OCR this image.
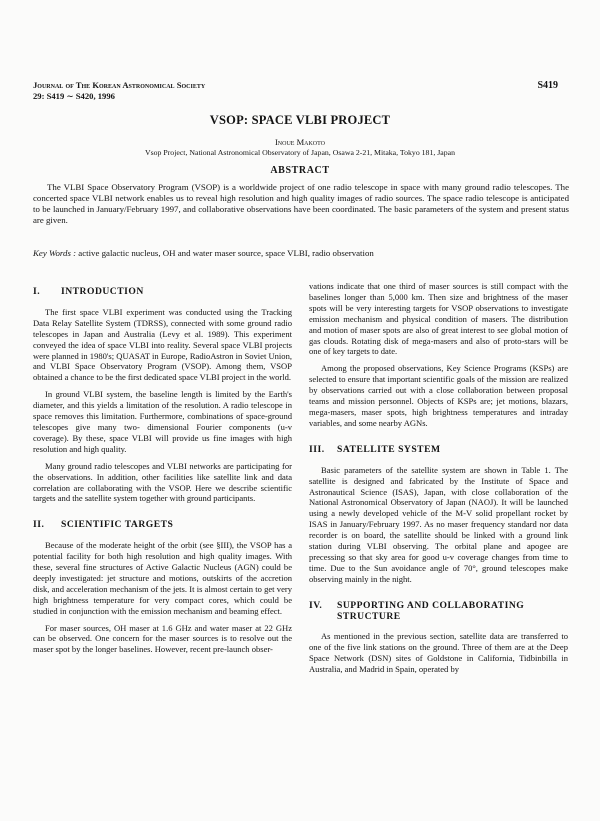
Journal of The Korean Astronomical Society
29: S419 ∼ S420, 1996
S419
VSOP: SPACE VLBI PROJECT
Inoue Makoto
Vsop Project, National Astronomical Observatory of Japan, Osawa 2-21, Mitaka, Tokyo 181, Japan
ABSTRACT

The VLBI Space Observatory Program (VSOP) is a worldwide project of one radio telescope in space with many ground radio telescopes. The concerted space VLBI network enables us to reveal high resolution and high quality images of radio sources. The space radio telescope is anticipated to be launched in January/February 1997, and collaborative observations have been coordinated. The basic parameters of the system and present status are given.

Key Words : active galactic nucleus, OH and water maser source, space VLBI, radio observation

I. INTRODUCTION

The first space VLBI experiment was conducted using the Tracking Data Relay Satellite System (TDRSS), connected with some ground radio telescopes in Japan and Australia (Levy et al. 1989). This experiment conveyed the idea of space VLBI into reality. Several space VLBI projects were planned in 1980's; QUASAT in Europe, RadioAstron in Soviet Union, and VLBI Space Observatory Program (VSOP). Among them, VSOP obtained a chance to be the first dedicated space VLBI project in the world.

In ground VLBI system, the baseline length is limited by the Earth's diameter, and this yields a limitation of the resolution. A radio telescope in space removes this limitation. Furthermore, combinations of space-ground telescopes give many two- dimensional Fourier components (u-v coverage). By these, space VLBI will provide us fine images with high resolution and high quality.

Many ground radio telescopes and VLBI networks are participating for the observations. In addition, other facilities like satellite link and data correlation are collaborating with the VSOP. Here we describe scientific targets and the satellite system together with ground participants.

II. SCIENTIFIC TARGETS

Because of the moderate height of the orbit (see §III), the VSOP has a potential facility for both high resolution and high quality images. With these, several fine structures of Active Galactic Nucleus (AGN) could be deeply investigated: jet structure and motions, outskirts of the accretion disk, and acceleration mechanism of the jets. It is almost certain to get very high brightness temperature for very compact cores, which could be studied in conjunction with the emission mechanism and beaming effect.

For maser sources, OH maser at 1.6 GHz and water maser at 22 GHz can be observed. One concern for the maser sources is to resolve out the maser spot by the longer baselines. However, recent pre-launch obser-

vations indicate that one third of maser sources is still compact with the baselines longer than 5,000 km. Then size and brightness of the maser spots will be very interesting targets for VSOP observations to investigate emission mechanism and physical condition of masers. The distribution and motion of maser spots are also of great interest to see global motion of gas clouds. Rotating disk of mega-masers and also of proto-stars will be one of key targets to date.

Among the proposed observations, Key Science Programs (KSPs) are selected to ensure that important scientific goals of the mission are realized by observations carried out with a close collaboration between proposal teams and mission personnel. Objects of KSPs are; jet motions, blazars, mega-masers, maser spots, high brightness temperatures and intraday variables, and some nearby AGNs.

III. SATELLITE SYSTEM

Basic parameters of the satellite system are shown in Table 1. The satellite is designed and fabricated by the Institute of Space and Astronautical Science (ISAS), Japan, with close collaboration of the National Astronomical Observatory of Japan (NAOJ). It will be launched using a newly developed vehicle of the M-V solid propellant rocket by ISAS in January/February 1997. As no maser frequency standard nor data recorder is on board, the satellite should be linked with a ground link station during VLBI observing. The orbital plane and apogee are precessing so that sky area for good u-v coverage changes from time to time. Due to the Sun avoidance angle of 70°, ground telescopes make observing mainly in the night.

IV.	SUPPORTING AND COLLABORATING STRUCTURE

As mentioned in the previous section, satellite data are transferred to one of the five link stations on the ground. Three of them are at the Deep Space Network (DSN) sites of Goldstone in California, Tidbinbilla in Australia, and Madrid in Spain, operated by
